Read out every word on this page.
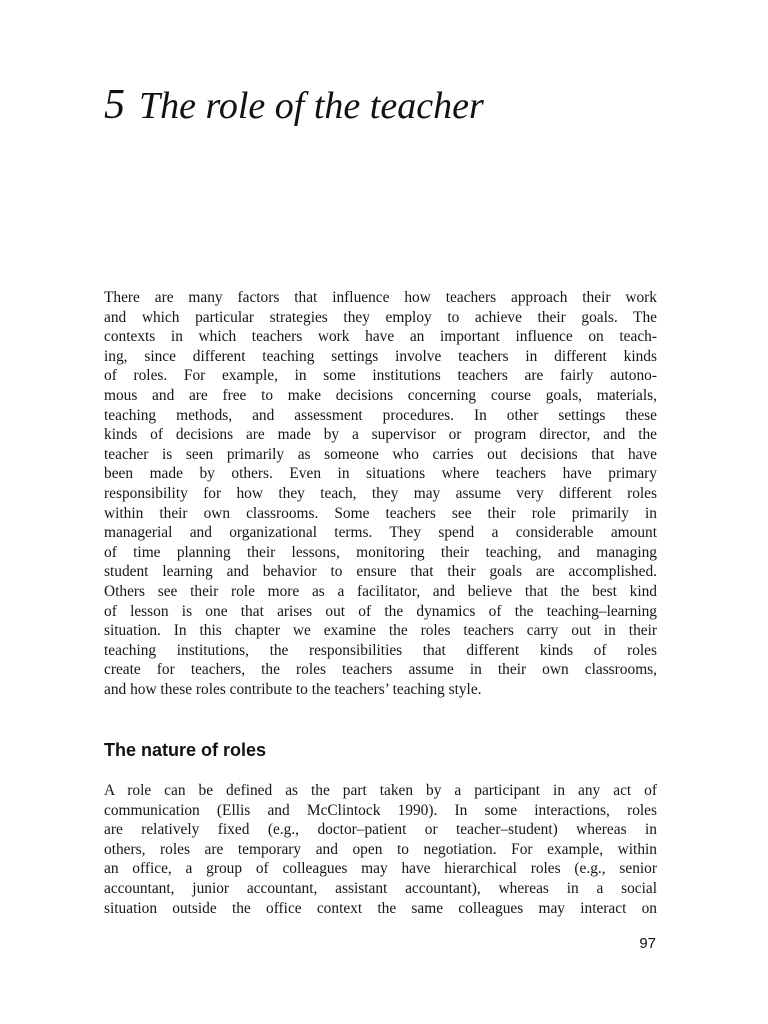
5 The role of the teacher
There are many factors that influence how teachers approach their work
and which particular strategies they employ to achieve their goals. The
contexts in which teachers work have an important influence on teach-
ing, since different teaching settings involve teachers in different kinds
of roles. For example, in some institutions teachers are fairly autono-
mous and are free to make decisions concerning course goals, materials,
teaching methods, and assessment procedures. In other settings these
kinds of decisions are made by a supervisor or program director, and the
teacher is seen primarily as someone who carries out decisions that have
been made by others. Even in situations where teachers have primary
responsibility for how they teach, they may assume very different roles
within their own classrooms. Some teachers see their role primarily in
managerial and organizational terms. They spend a considerable amount
of time planning their lessons, monitoring their teaching, and managing
student learning and behavior to ensure that their goals are accomplished.
Others see their role more as a facilitator, and believe that the best kind
of lesson is one that arises out of the dynamics of the teaching–learning
situation. In this chapter we examine the roles teachers carry out in their
teaching institutions, the responsibilities that different kinds of roles
create for teachers, the roles teachers assume in their own classrooms,
and how these roles contribute to the teachers’ teaching style.
The nature of roles
A role can be defined as the part taken by a participant in any act of
communication (Ellis and McClintock 1990). In some interactions, roles
are relatively fixed (e.g., doctor–patient or teacher–student) whereas in
others, roles are temporary and open to negotiation. For example, within
an office, a group of colleagues may have hierarchical roles (e.g., senior
accountant, junior accountant, assistant accountant), whereas in a social
situation outside the office context the same colleagues may interact on
97
